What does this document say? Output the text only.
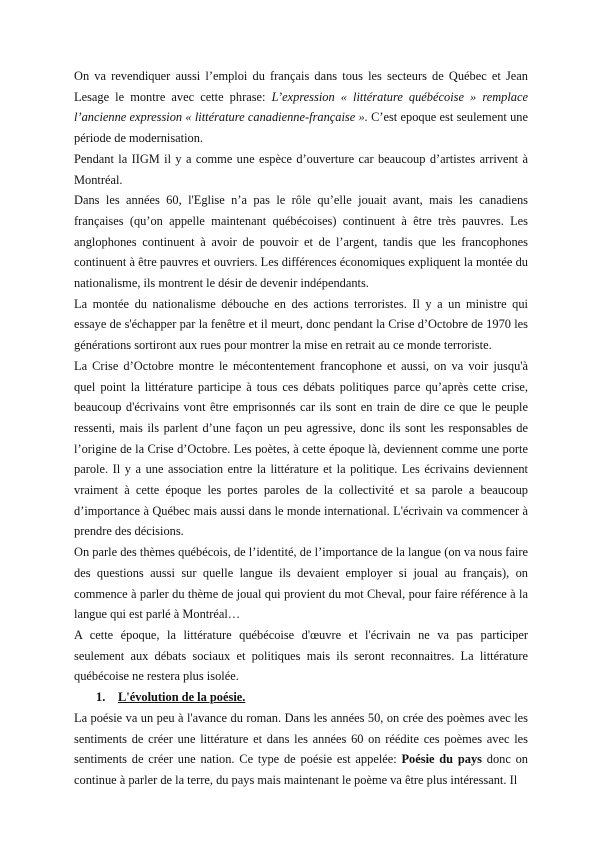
On va revendiquer aussi l’emploi du français dans tous les secteurs de Québec et Jean Lesage le montre avec cette phrase: L’expression « littérature québécoise » remplace l’ancienne expression « littérature canadienne-française ». C’est epoque est seulement une période de modernisation.

Pendant la IIGM il y a comme une espèce d’ouverture car beaucoup d’artistes arrivent à Montréal.

Dans les années 60, l'Eglise n’a pas le rôle qu’elle jouait avant, mais les canadiens françaises (qu’on appelle maintenant québécoises) continuent à être très pauvres. Les anglophones continuent à avoir de pouvoir et de l’argent, tandis que les francophones continuent à être pauvres et ouvriers. Les différences économiques expliquent la montée du nationalisme, ils montrent le désir de devenir indépendants.

La montée du nationalisme débouche en des actions terroristes. Il y a un ministre qui essaye de s'échapper par la fenêtre et il meurt, donc pendant la Crise d’Octobre de 1970 les générations sortiront aux rues pour montrer la mise en retrait au ce monde terroriste.

La Crise d’Octobre montre le mécontentement francophone et aussi, on va voir jusqu'à quel point la littérature participe à tous ces débats politiques parce qu’après cette crise, beaucoup d'écrivains vont être emprisonnés car ils sont en train de dire ce que le peuple ressenti, mais ils parlent d’une façon un peu agressive, donc ils sont les responsables de l’origine de la Crise d’Octobre. Les poètes, à cette époque là, deviennent comme une porte parole. Il y a une association entre la littérature et la politique. Les écrivains deviennent vraiment à cette époque les portes paroles de la collectivité et sa parole a beaucoup d’importance à Québec mais aussi dans le monde international. L'écrivain va commencer à prendre des décisions.

On parle des thèmes québécois, de l’identité, de l’importance de la langue (on va nous faire des questions aussi sur quelle langue ils devaient employer si joual au français), on commence à parler du thème de joual qui provient du mot Cheval, pour faire référence à la langue qui est parlé à Montréal…

A cette époque, la littérature québécoise d'œuvre et l'écrivain ne va pas participer seulement aux débats sociaux et politiques mais ils seront reconnaitres. La littérature québécoise ne restera plus isolée.

1. L'évolution de la poésie.

La poésie va un peu à l'avance du roman. Dans les années 50, on crée des poèmes avec les sentiments de créer une littérature et dans les années 60 on réédite ces poèmes avec les sentiments de créer une nation. Ce type de poésie est appelée: Poésie du pays donc on continue à parler de la terre, du pays mais maintenant le poème va être plus intéressant. Il
